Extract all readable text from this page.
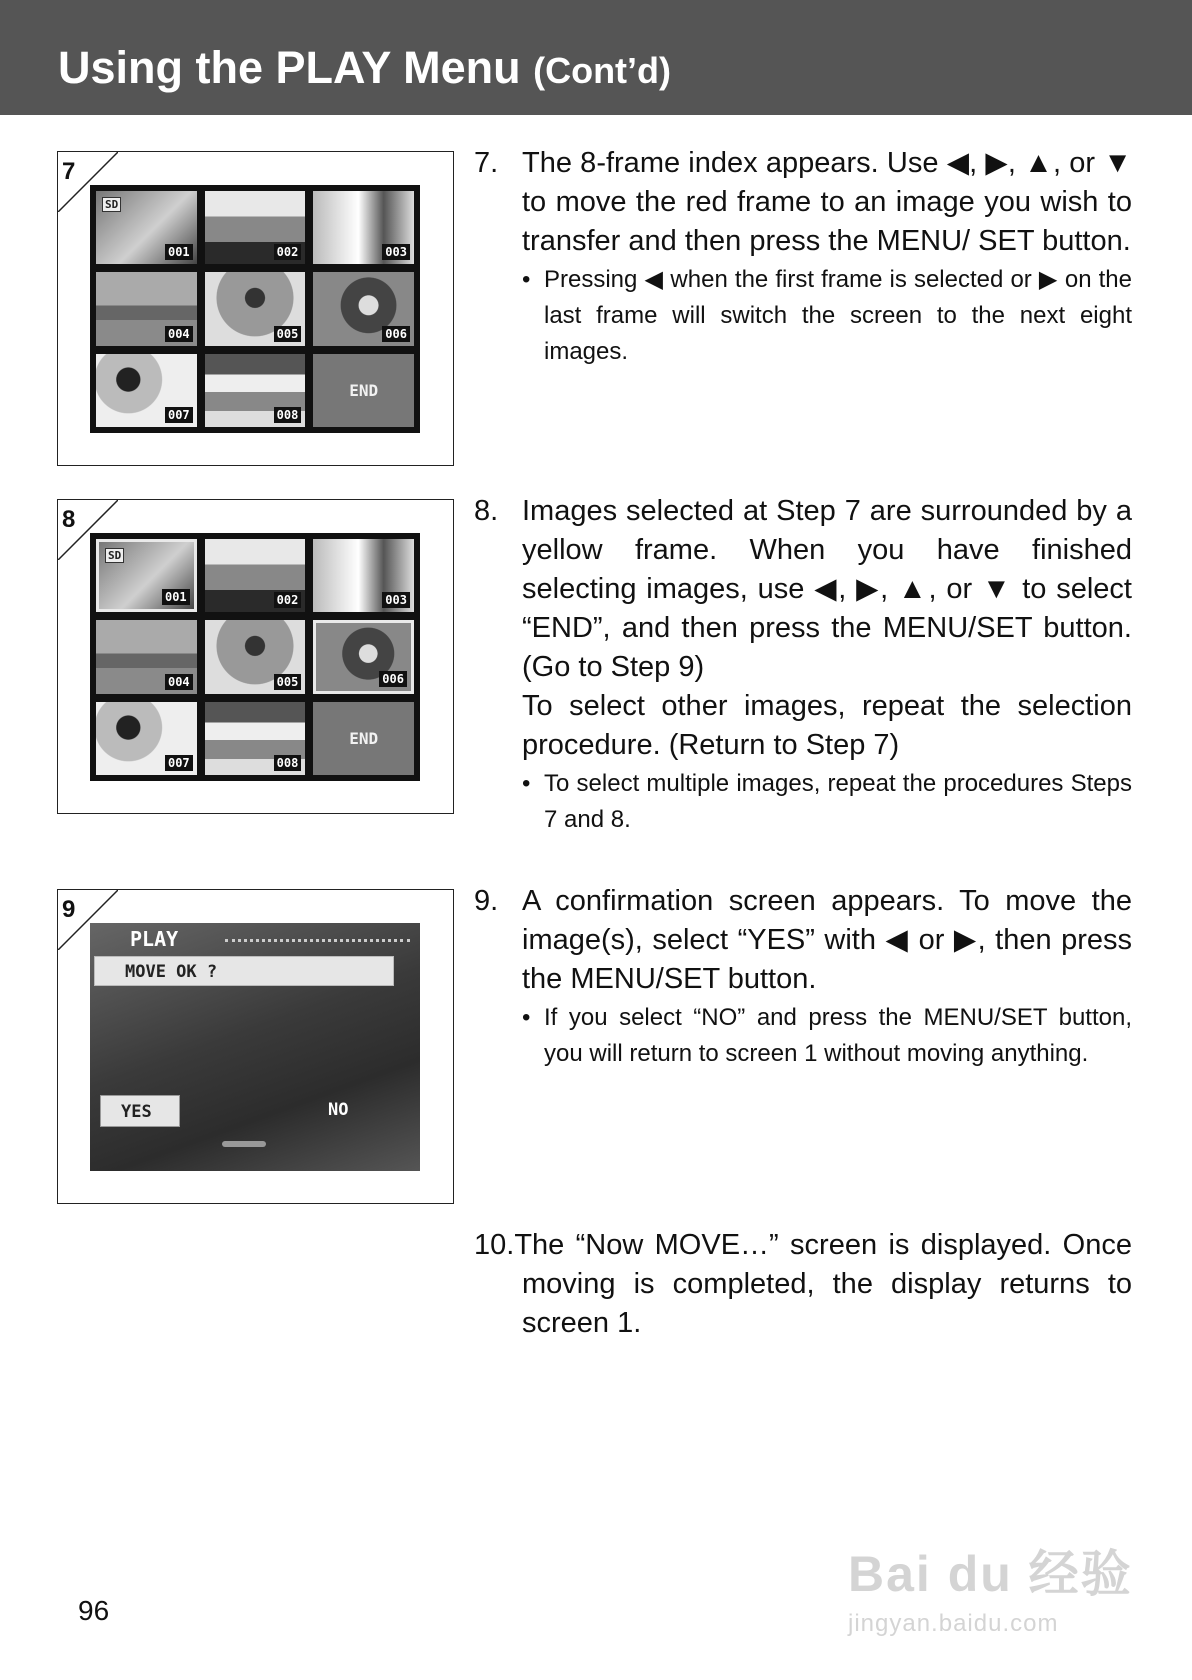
Using the PLAY Menu (Cont’d)
7
SD
001	002	003
004	005	006
007	008
END
8
SD
001	002	003
004	005	006
007	008
END
9
PLAY
MOVE OK ?
YES	NO
7. The 8-frame index appears. Use ◀, ▶, ▲, or ▼ to move the red frame to an image you wish to transfer and then press the MENU/ SET button.

• Pressing ◀ when the first frame is selected or ▶ on the last frame will switch the screen to the next eight images.

8. Images selected at Step 7 are surrounded by a yellow frame. When you have finished selecting images, use ◀, ▶, ▲, or ▼ to select “END”, and then press the MENU/SET button. (Go to Step 9)

To select other images, repeat the selection procedure. (Return to Step 7)

• To select multiple images, repeat the procedures Steps 7 and 8.

9. A confirmation screen appears. To move the image(s), select “YES” with ◀ or ▶, then press the MENU/SET button.

• If you select “NO” and press the MENU/SET button, you will return to screen 1 without moving anything.

10.The “Now MOVE…” screen is displayed. Once moving is completed, the display returns to screen 1.

96
Bai du 经验
jingyan.baidu.com
